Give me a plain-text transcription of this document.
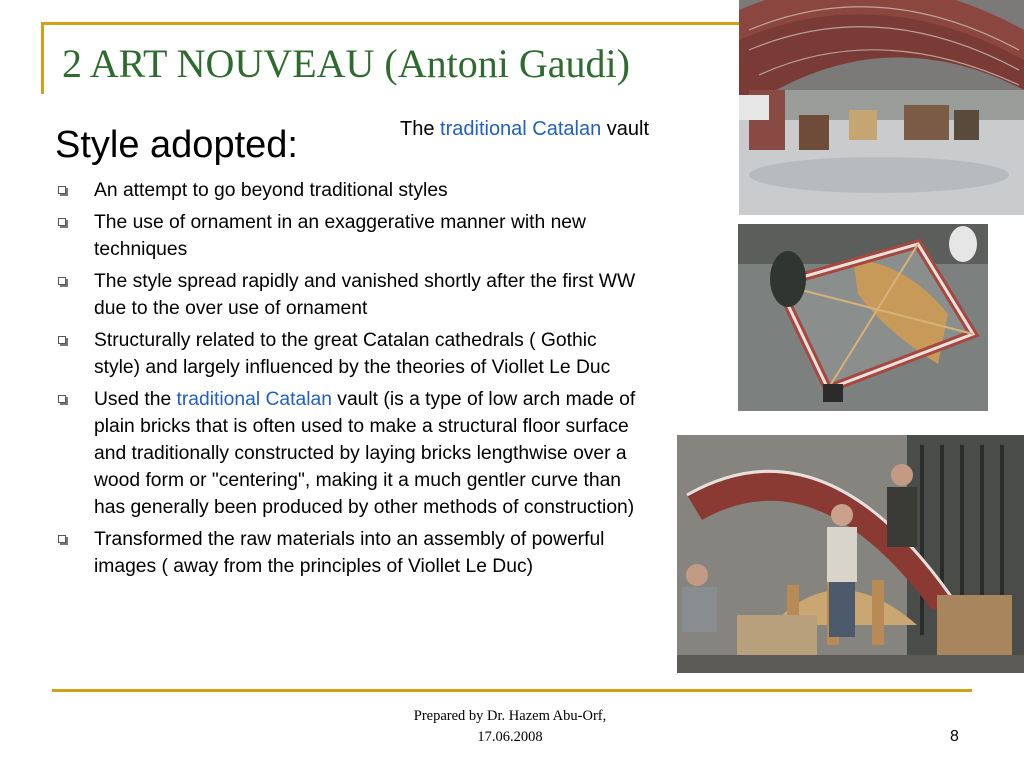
2 ART NOUVEAU (Antoni Gaudi)
The traditional Catalan vault
Style adopted:
An attempt to go beyond traditional styles
The use of ornament in an exaggerative manner with new techniques
The style spread rapidly and vanished shortly after the first WW due to the over use of ornament
Structurally related to the great Catalan cathedrals ( Gothic style) and largely influenced by the theories of Viollet Le Duc
Used the traditional Catalan vault (is a type of low arch made of plain bricks that is often used to make a structural floor surface and traditionally constructed by laying bricks lengthwise over a wood form or "centering", making it a much gentler curve than has generally been produced by other methods of construction)
Transformed the raw materials into an assembly of powerful images ( away from the principles of Viollet Le Duc)
Prepared by Dr. Hazem Abu-Orf,
17.06.2008	8
